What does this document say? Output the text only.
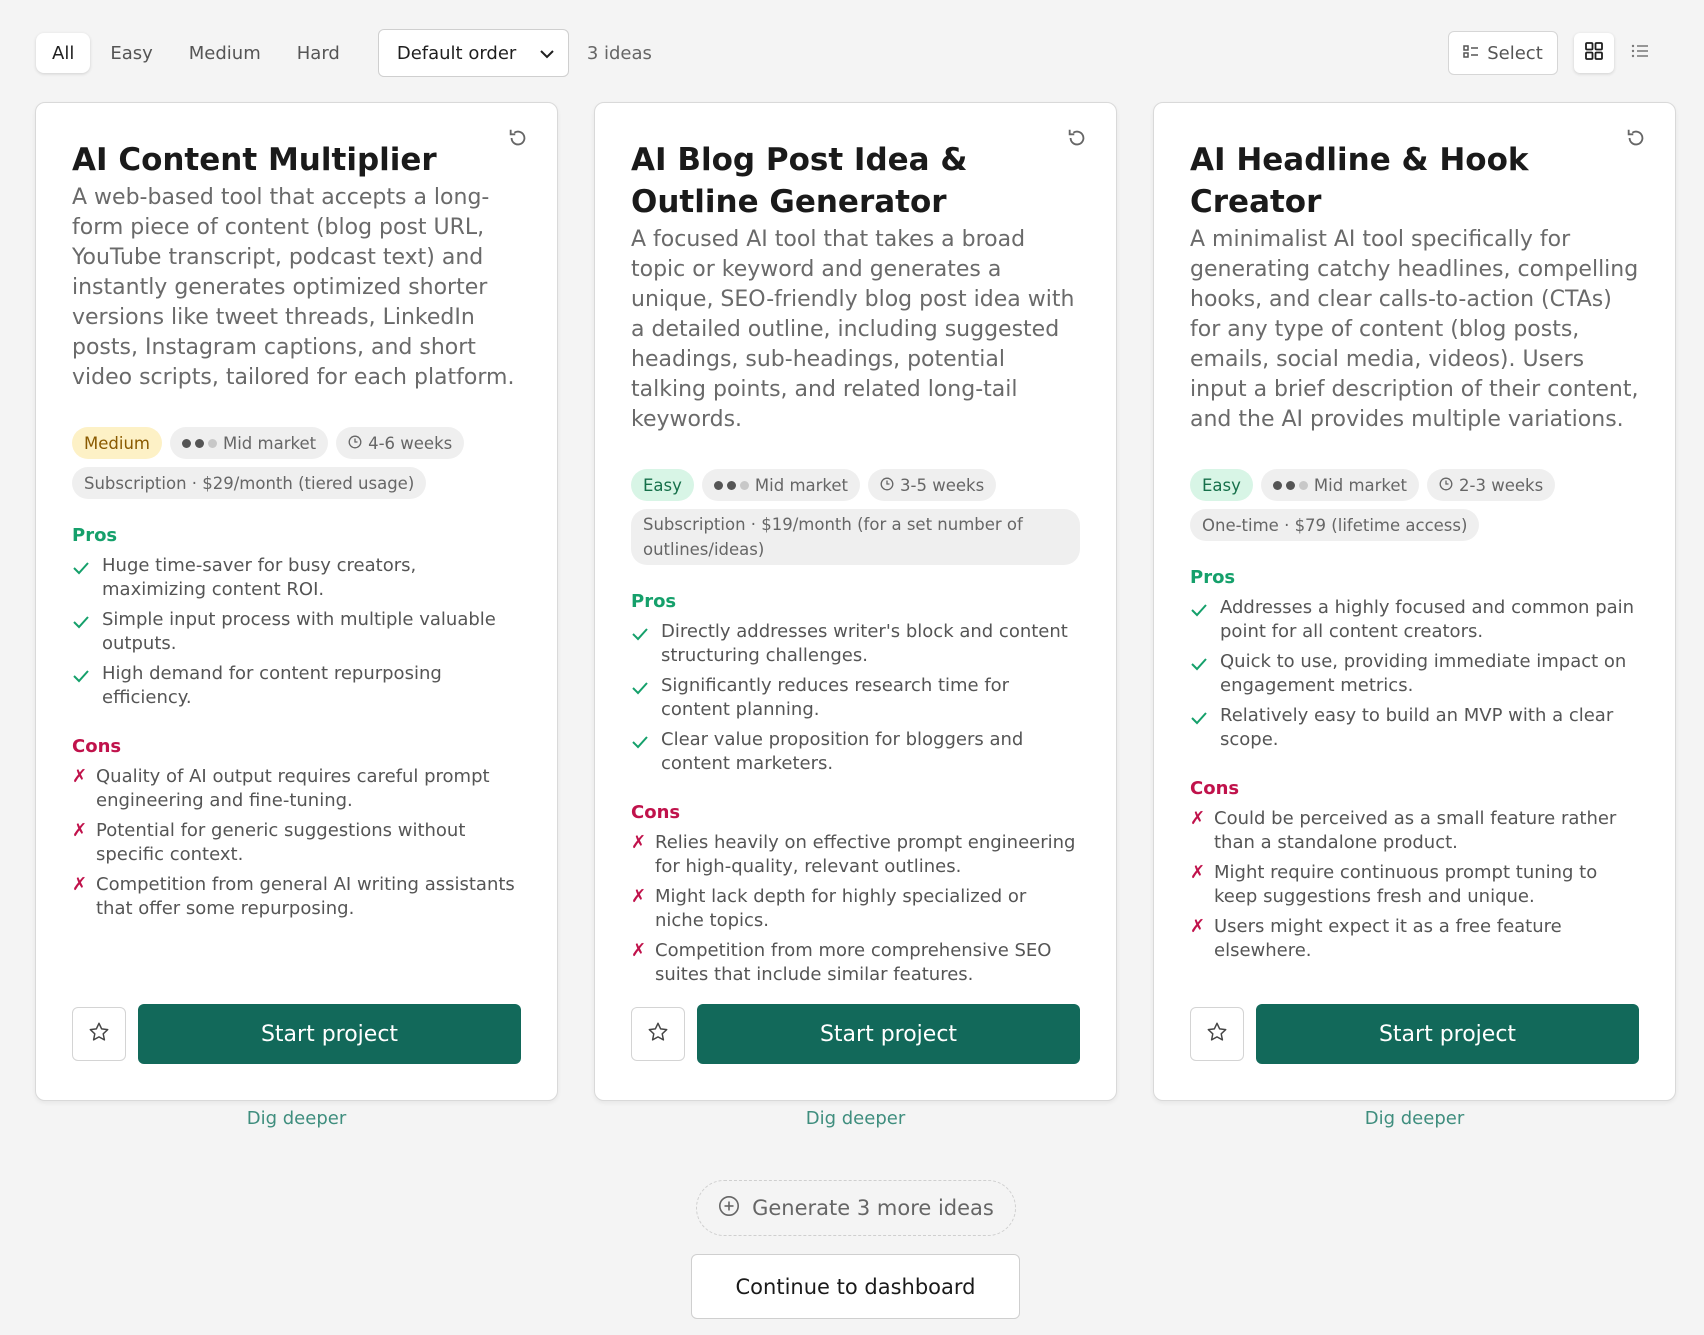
All	Easy	Medium	Hard	Default order	3 ideas	Select
AI Content Multiplier
A web-based tool that accepts a long-form piece of content (blog post URL, YouTube transcript, podcast text) and instantly generates optimized shorter versions like tweet threads, LinkedIn posts, Instagram captions, and short video scripts, tailored for each platform.
Medium	Mid market	4-6 weeks
Subscription · $29/month (tiered usage)
Pros
Huge time-saver for busy creators, maximizing content ROI.
Simple input process with multiple valuable outputs.
High demand for content repurposing efficiency.
Cons
✗ Quality of AI output requires careful prompt engineering and fine-tuning.
✗ Potential for generic suggestions without specific context.
✗ Competition from general AI writing assistants that offer some repurposing.
Start project
Dig deeper
AI Blog Post Idea & Outline Generator
A focused AI tool that takes a broad topic or keyword and generates a unique, SEO-friendly blog post idea with a detailed outline, including suggested headings, sub-headings, potential talking points, and related long-tail keywords.
Easy	Mid market	3-5 weeks
Subscription · $19/month (for a set number of outlines/ideas)
Pros
Directly addresses writer's block and content structuring challenges.
Significantly reduces research time for content planning.
Clear value proposition for bloggers and content marketers.
Cons
✗ Relies heavily on effective prompt engineering for high-quality, relevant outlines.
✗ Might lack depth for highly specialized or niche topics.
✗ Competition from more comprehensive SEO suites that include similar features.
Start project
Dig deeper
AI Headline & Hook Creator
A minimalist AI tool specifically for generating catchy headlines, compelling hooks, and clear calls-to-action (CTAs) for any type of content (blog posts, emails, social media, videos). Users input a brief description of their content, and the AI provides multiple variations.
Easy	Mid market	2-3 weeks
One-time · $79 (lifetime access)
Pros
Addresses a highly focused and common pain point for all content creators.
Quick to use, providing immediate impact on engagement metrics.
Relatively easy to build an MVP with a clear scope.
Cons
✗ Could be perceived as a small feature rather than a standalone product.
✗ Might require continuous prompt tuning to keep suggestions fresh and unique.
✗ Users might expect it as a free feature elsewhere.
Start project
Dig deeper
Generate 3 more ideas
Continue to dashboard
